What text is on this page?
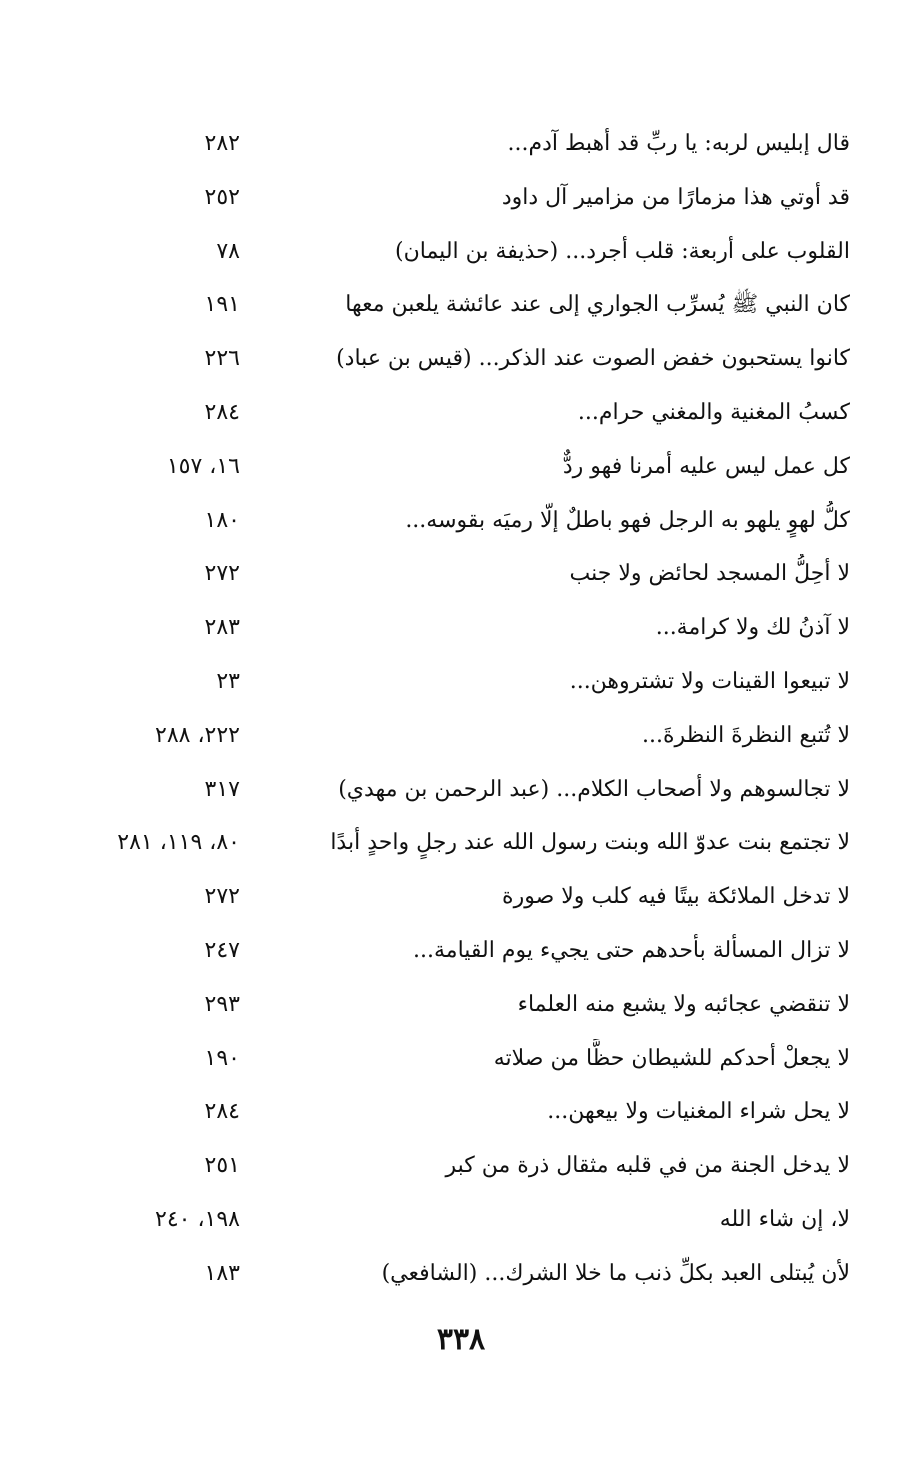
قال إبليس لربه: يا ربِّ قد أهبط آدم...
٢٨٢
قد أوتي هذا مزمارًا من مزامير آل داود
٢٥٢
القلوب على أربعة: قلب أجرد... (حذيفة بن اليمان)
٧٨
كان النبي ﷺ يُسرِّب الجواري إلى عند عائشة يلعبن معها
١٩١
كانوا يستحبون خفض الصوت عند الذكر... (قيس بن عباد)
٢٢٦
كسبُ المغنية والمغني حرام...
٢٨٤
كل عمل ليس عليه أمرنا فهو ردٌّ
١٦، ١٥٧
كلُّ لهوٍ يلهو به الرجل فهو باطلٌ إلّا رميَه بقوسه...
١٨٠
لا أحِلُّ المسجد لحائض ولا جنب
٢٧٢
لا آذنُ لك ولا كرامة...
٢٨٣
لا تبيعوا القينات ولا تشتروهن...
٢٣
لا تُتبع النظرةَ النظرةَ...
٢٢٢، ٢٨٨
لا تجالسوهم ولا أصحاب الكلام... (عبد الرحمن بن مهدي)
٣١٧
لا تجتمع بنت عدوّ الله وبنت رسول الله عند رجلٍ واحدٍ أبدًا
٨٠، ١١٩، ٢٨١
لا تدخل الملائكة بيتًا فيه كلب ولا صورة
٢٧٢
لا تزال المسألة بأحدهم حتى يجيء يوم القيامة...
٢٤٧
لا تنقضي عجائبه ولا يشبع منه العلماء
٢٩٣
لا يجعلْ أحدكم للشيطان حظًّا من صلاته
١٩٠
لا يحل شراء المغنيات ولا بيعهن...
٢٨٤
لا يدخل الجنة من في قلبه مثقال ذرة من كبر
٢٥١
لا، إن شاء الله
١٩٨، ٢٤٠
لأن يُبتلى العبد بكلِّ ذنب ما خلا الشرك... (الشافعي)
١٨٣
٣٣٨
